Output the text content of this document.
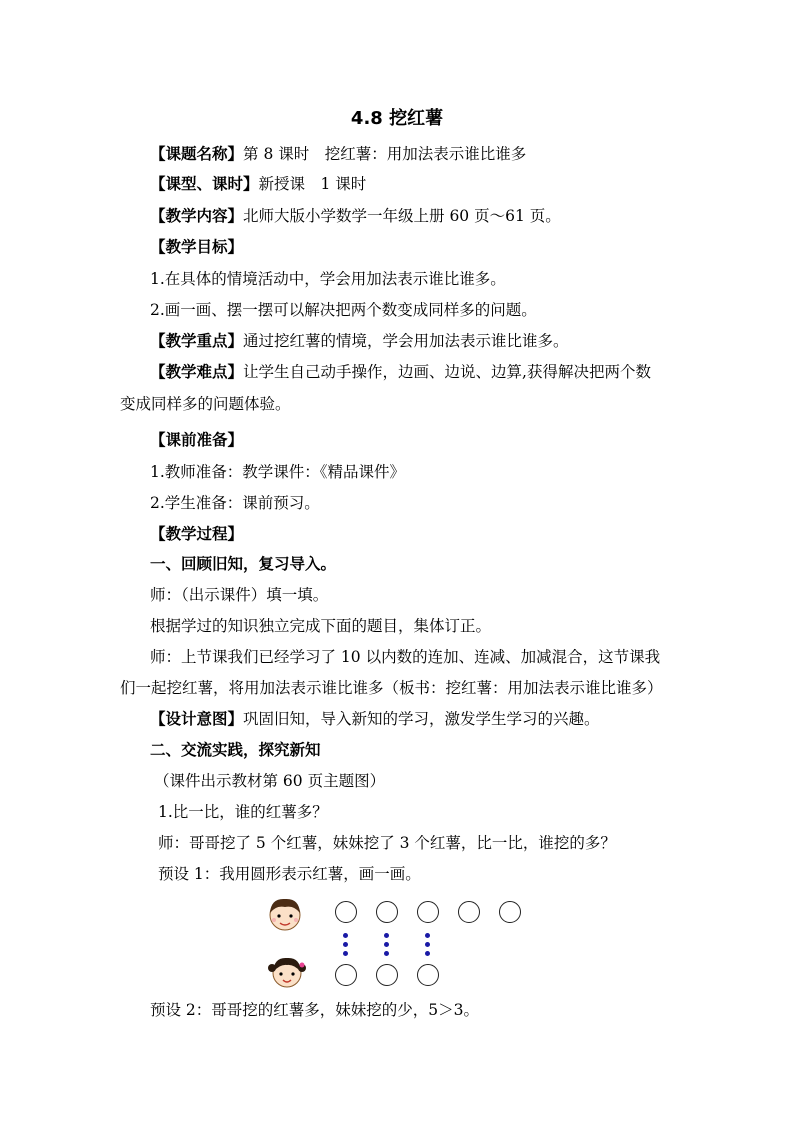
4.8 挖红薯
【课题名称】第 8 课时　挖红薯：用加法表示谁比谁多
【课型、课时】新授课　1 课时
【教学内容】北师大版小学数学一年级上册 60 页～61 页。
【教学目标】
1.在具体的情境活动中，学会用加法表示谁比谁多。
2.画一画、摆一摆可以解决把两个数变成同样多的问题。
【教学重点】通过挖红薯的情境，学会用加法表示谁比谁多。
【教学难点】让学生自己动手操作，边画、边说、边算,获得解决把两个数
变成同样多的问题体验。
【课前准备】
1.教师准备：教学课件：《精品课件》
2.学生准备：课前预习。
【教学过程】
一、回顾旧知，复习导入。
师：（出示课件）填一填。
根据学过的知识独立完成下面的题目，集体订正。
师：上节课我们已经学习了 10 以内数的连加、连减、加减混合，这节课我
们一起挖红薯，将用加法表示谁比谁多（板书：挖红薯：用加法表示谁比谁多）
【设计意图】巩固旧知，导入新知的学习，激发学生学习的兴趣。
二、交流实践，探究新知
（课件出示教材第 60 页主题图）
1.比一比，谁的红薯多？
师：哥哥挖了 5 个红薯，妹妹挖了 3 个红薯，比一比，谁挖的多？
预设 1：我用圆形表示红薯，画一画。
预设 2：哥哥挖的红薯多，妹妹挖的少，5＞3。
